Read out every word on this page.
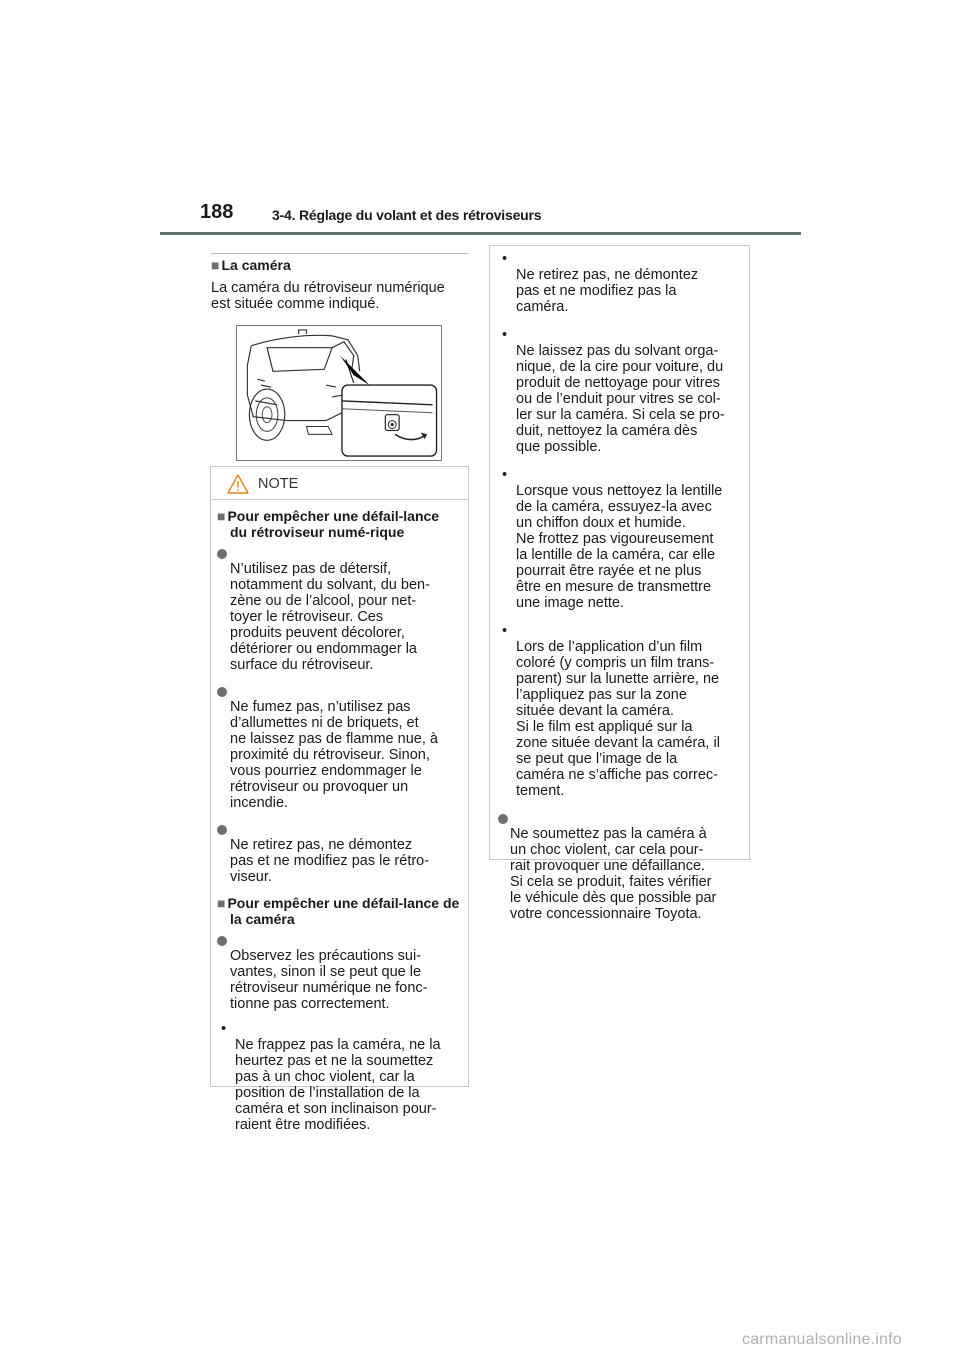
188	3-4. Réglage du volant et des rétroviseurs
■ La caméra
La caméra du rétroviseur numérique est située comme indiqué.
NOTE
■ Pour empêcher une défail-lance du rétroviseur numé-rique

N’utilisez pas de détersif,
notamment du solvant, du ben-
zène ou de l’alcool, pour net-
toyer le rétroviseur. Ces
produits peuvent décolorer,
détériorer ou endommager la
surface du rétroviseur.

Ne fumez pas, n’utilisez pas
d’allumettes ni de briquets, et
ne laissez pas de flamme nue, à
proximité du rétroviseur. Sinon,
vous pourriez endommager le
rétroviseur ou provoquer un
incendie.

Ne retirez pas, ne démontez
pas et ne modifiez pas le rétro-
viseur.

■ Pour empêcher une défail-lance de la caméra

Observez les précautions sui-
vantes, sinon il se peut que le
rétroviseur numérique ne fonc-
tionne pas correctement.

•
Ne frappez pas la caméra, ne la
heurtez pas et ne la soumettez
pas à un choc violent, car la
position de l’installation de la
caméra et son inclinaison pour-
raient être modifiées.

•
Ne retirez pas, ne démontez
pas et ne modifiez pas la
caméra.

•
Ne laissez pas du solvant orga-
nique, de la cire pour voiture, du
produit de nettoyage pour vitres
ou de l’enduit pour vitres se col-
ler sur la caméra. Si cela se pro-
duit, nettoyez la caméra dès
que possible.

•
Lorsque vous nettoyez la lentille
de la caméra, essuyez-la avec
un chiffon doux et humide.
Ne frottez pas vigoureusement
la lentille de la caméra, car elle
pourrait être rayée et ne plus
être en mesure de transmettre
une image nette.

•
Lors de l’application d’un film
coloré (y compris un film trans-
parent) sur la lunette arrière, ne
l’appliquez pas sur la zone
située devant la caméra.
Si le film est appliqué sur la
zone située devant la caméra, il
se peut que l’image de la
caméra ne s’affiche pas correc-
tement.

Ne soumettez pas la caméra à
un choc violent, car cela pour-
rait provoquer une défaillance.
Si cela se produit, faites vérifier
le véhicule dès que possible par
votre concessionnaire Toyota.

carmanualsonline.info
